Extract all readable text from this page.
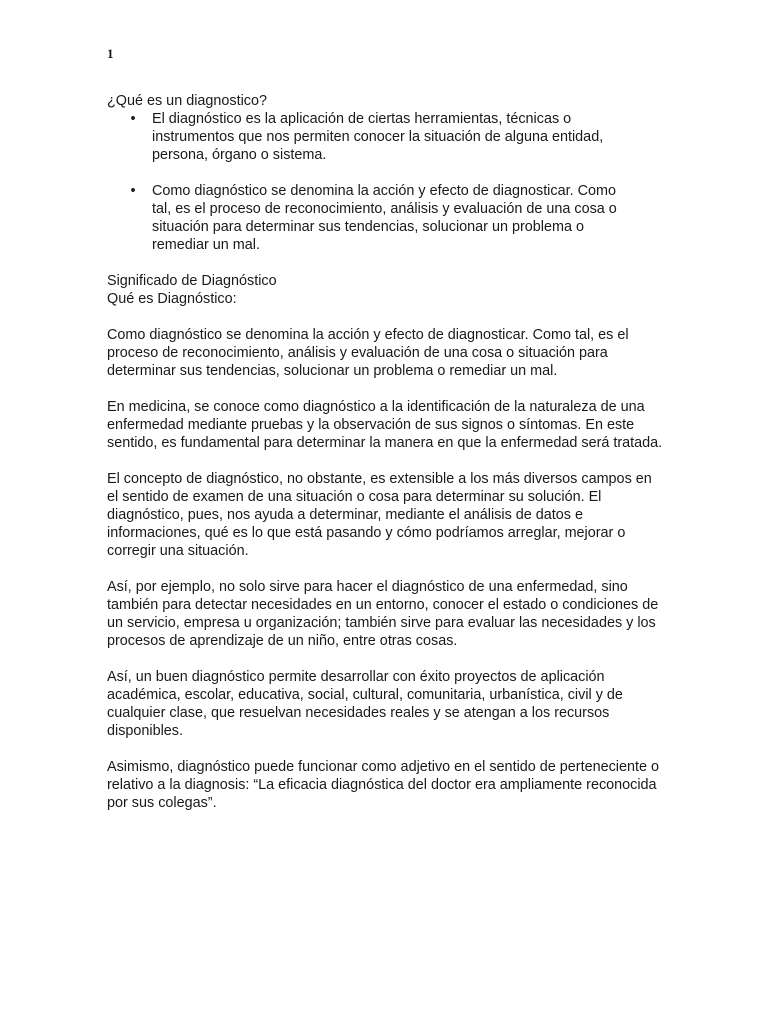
1

¿Qué es un diagnostico?

• El diagnóstico es la aplicación de ciertas herramientas, técnicas o instrumentos que nos permiten conocer la situación de alguna entidad, persona, órgano o sistema.
• Como diagnóstico se denomina la acción y efecto de diagnosticar. Como tal, es el proceso de reconocimiento, análisis y evaluación de una cosa o situación para determinar sus tendencias, solucionar un problema o remediar un mal.

Significado de Diagnóstico

Qué es Diagnóstico:

Como diagnóstico se denomina la acción y efecto de diagnosticar. Como tal, es el proceso de reconocimiento, análisis y evaluación de una cosa o situación para determinar sus tendencias, solucionar un problema o remediar un mal.

En medicina, se conoce como diagnóstico a la identificación de la naturaleza de una enfermedad mediante pruebas y la observación de sus signos o síntomas. En este sentido, es fundamental para determinar la manera en que la enfermedad será tratada.

El concepto de diagnóstico, no obstante, es extensible a los más diversos campos en el sentido de examen de una situación o cosa para determinar su solución. El diagnóstico, pues, nos ayuda a determinar, mediante el análisis de datos e informaciones, qué es lo que está pasando y cómo podríamos arreglar, mejorar o corregir una situación.

Así, por ejemplo, no solo sirve para hacer el diagnóstico de una enfermedad, sino también para detectar necesidades en un entorno, conocer el estado o condiciones de un servicio, empresa u organización; también sirve para evaluar las necesidades y los procesos de aprendizaje de un niño, entre otras cosas.

Así, un buen diagnóstico permite desarrollar con éxito proyectos de aplicación académica, escolar, educativa, social, cultural, comunitaria, urbanística, civil y de cualquier clase, que resuelvan necesidades reales y se atengan a los recursos disponibles.

Asimismo, diagnóstico puede funcionar como adjetivo en el sentido de perteneciente o relativo a la diagnosis: “La eficacia diagnóstica del doctor era ampliamente reconocida por sus colegas”.
